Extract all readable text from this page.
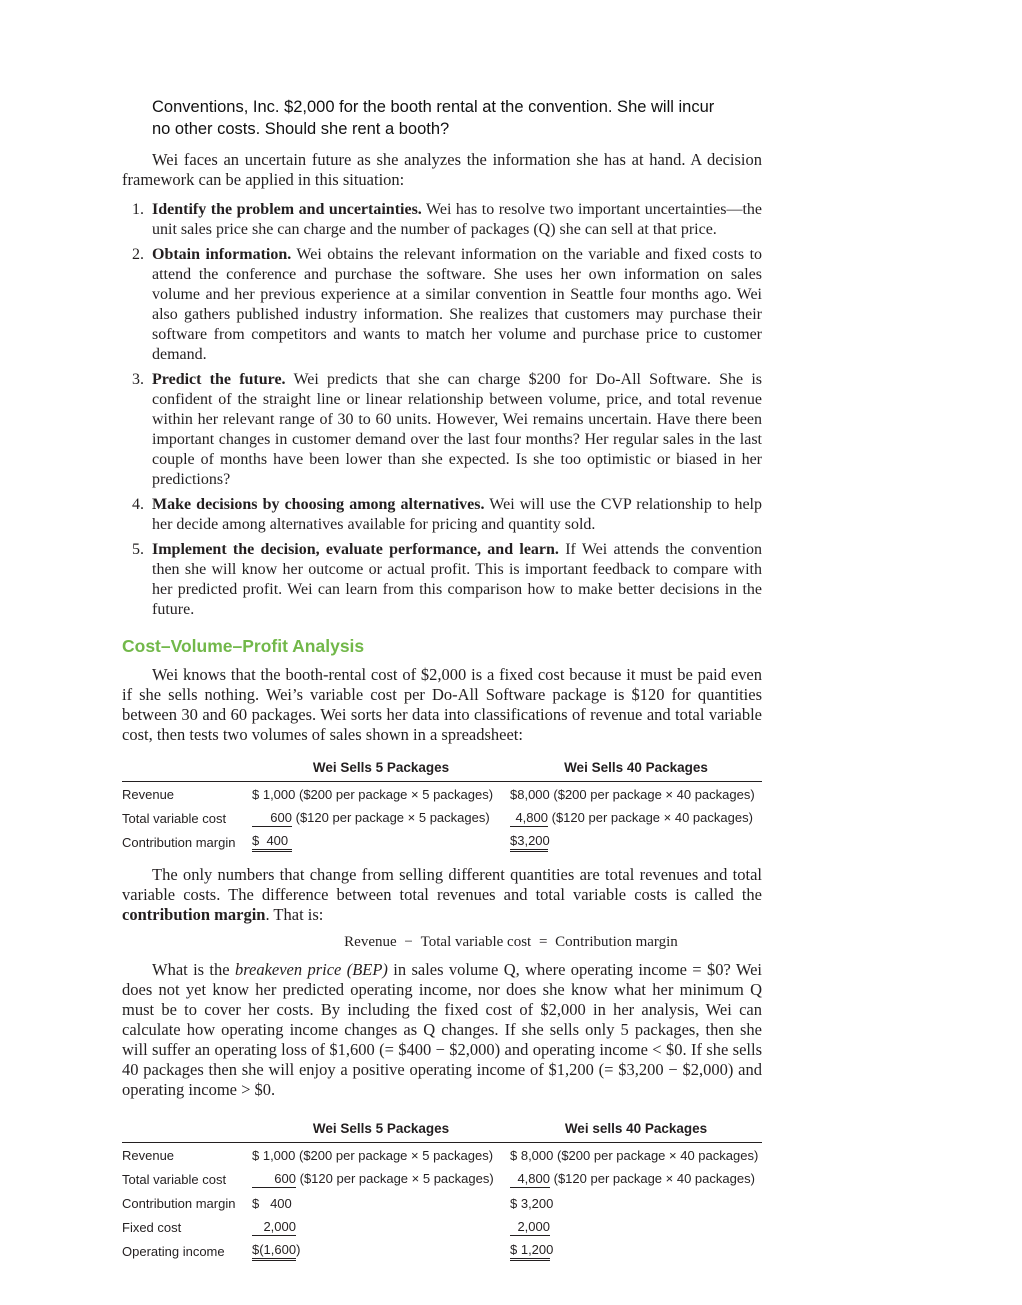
Conventions, Inc. $2,000 for the booth rental at the convention. She will incur
no other costs. Should she rent a booth?
Wei faces an uncertain future as she analyzes the information she has at hand. A decision framework can be applied in this situation:
1. Identify the problem and uncertainties. Wei has to resolve two important uncertainties—the unit sales price she can charge and the number of packages (Q) she can sell at that price.
2. Obtain information. Wei obtains the relevant information on the variable and fixed costs to attend the conference and purchase the software. She uses her own information on sales volume and her previous experience at a similar convention in Seattle four months ago. Wei also gathers published industry information. She realizes that customers may purchase their software from competitors and wants to match her volume and purchase price to customer demand.
3. Predict the future. Wei predicts that she can charge $200 for Do-All Software. She is confident of the straight line or linear relationship between volume, price, and total revenue within her relevant range of 30 to 60 units. However, Wei remains uncertain. Have there been important changes in customer demand over the last four months? Her regular sales in the last couple of months have been lower than she expected. Is she too optimistic or biased in her predictions?
4. Make decisions by choosing among alternatives. Wei will use the CVP relationship to help her decide among alternatives available for pricing and quantity sold.
5. Implement the decision, evaluate performance, and learn. If Wei attends the convention then she will know her outcome or actual profit. This is important feedback to compare with her predicted profit. Wei can learn from this comparison how to make better decisions in the future.
Cost–Volume–Profit Analysis
Wei knows that the booth-rental cost of $2,000 is a fixed cost because it must be paid even if she sells nothing. Wei’s variable cost per Do-All Software package is $120 for quantities between 30 and 60 packages. Wei sorts her data into classifications of revenue and total variable cost, then tests two volumes of sales shown in a spreadsheet:
	Wei Sells 5 Packages	Wei Sells 40 Packages
Revenue	$ 1,000 ($200 per package × 5 packages)	$8,000 ($200 per package × 40 packages)
Total variable cost	600 ($120 per package × 5 packages)	4,800 ($120 per package × 40 packages)
Contribution margin	$  400	$3,200
The only numbers that change from selling different quantities are total revenues and total variable costs. The difference between total revenues and total variable costs is called the contribution margin. That is:
Revenue − Total variable cost = Contribution margin
What is the breakeven price (BEP) in sales volume Q, where operating income = $0? Wei does not yet know her predicted operating income, nor does she know what her minimum Q must be to cover her costs. By including the fixed cost of $2,000 in her analysis, Wei can calculate how operating income changes as Q changes. If she sells only 5 packages, then she will suffer an operating loss of $1,600 (= $400 − $2,000) and operating income < $0. If she sells 40 packages then she will enjoy a positive operating income of $1,200 (= $3,200 − $2,000) and operating income > $0.
	Wei Sells 5 Packages	Wei sells 40 Packages
Revenue	$ 1,000 ($200 per package × 5 packages)	$ 8,000 ($200 per package × 40 packages)
Total variable cost	600 ($120 per package × 5 packages)	4,800 ($120 per package × 40 packages)
Contribution margin	$   400	$ 3,200
Fixed cost	2,000	2,000
Operating income	$(1,600)	$ 1,200
